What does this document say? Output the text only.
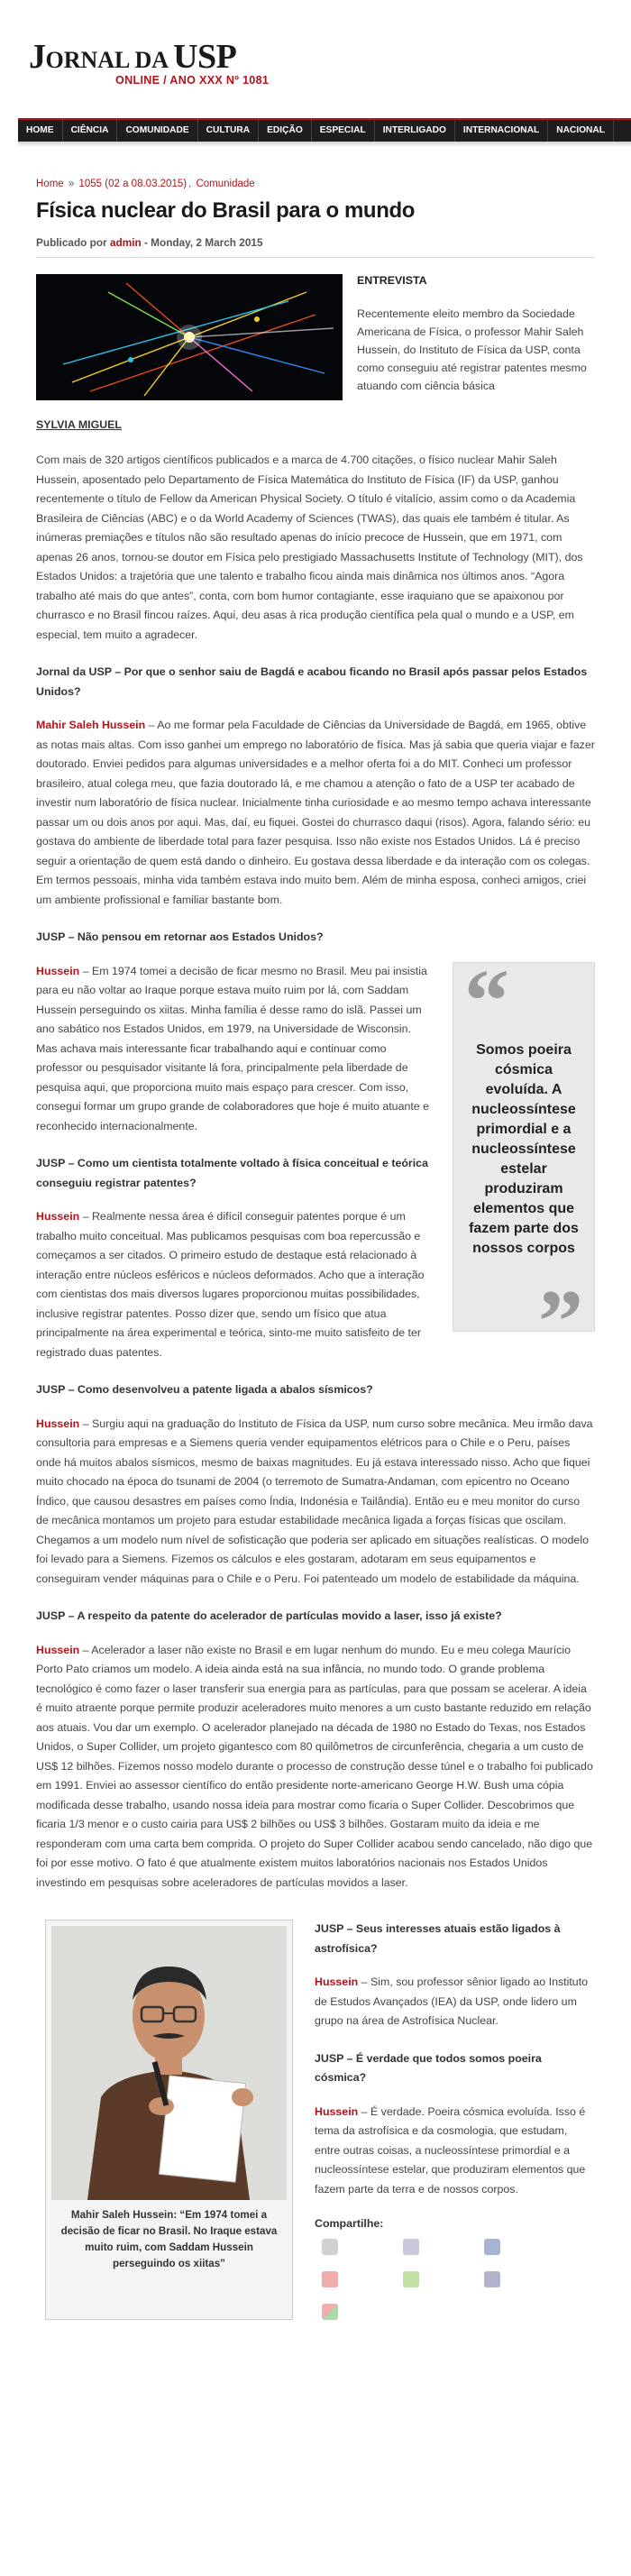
JORNAL DA USP
ONLINE / ANO XXX Nº 1081
HOME	CIÊNCIA	COMUNIDADE	CULTURA	EDIÇÃO	ESPECIAL	INTERLIGADO	INTERNACIONAL	NACIONAL
Home » 1055 (02 a 08.03.2015) , Comunidade
Física nuclear do Brasil para o mundo
Publicado por admin - Monday, 2 March 2015
ENTREVISTA

Recentemente eleito membro da Sociedade Americana de Física, o professor Mahir Saleh Hussein, do Instituto de Física da USP, conta como conseguiu até registrar patentes mesmo atuando com ciência básica

SYLVIA MIGUEL

Com mais de 320 artigos científicos publicados e a marca de 4.700 citações, o físico nuclear Mahir Saleh Hussein, aposentado pelo Departamento de Física Matemática do Instituto de Física (IF) da USP, ganhou recentemente o título de Fellow da American Physical Society. O título é vitalício, assim como o da Academia Brasileira de Ciências (ABC) e o da World Academy of Sciences (TWAS), das quais ele também é titular. As inúmeras premiações e títulos não são resultado apenas do início precoce de Hussein, que em 1971, com apenas 26 anos, tornou-se doutor em Física pelo prestigiado Massachusetts Institute of Technology (MIT), dos Estados Unidos: a trajetória que une talento e trabalho ficou ainda mais dinâmica nos últimos anos. “Agora trabalho até mais do que antes”, conta, com bom humor contagiante, esse iraquiano que se apaixonou por churrasco e no Brasil fincou raízes. Aqui, deu asas à rica produção científica pela qual o mundo e a USP, em especial, tem muito a agradecer.

Jornal da USP – Por que o senhor saiu de Bagdá e acabou ficando no Brasil após passar pelos Estados Unidos?

Mahir Saleh Hussein – Ao me formar pela Faculdade de Ciências da Universidade de Bagdá, em 1965, obtive as notas mais altas. Com isso ganhei um emprego no laboratório de física. Mas já sabia que queria viajar e fazer doutorado. Enviei pedidos para algumas universidades e a melhor oferta foi a do MIT. Conheci um professor brasileiro, atual colega meu, que fazia doutorado lá, e me chamou a atenção o fato de a USP ter acabado de investir num laboratório de física nuclear. Inicialmente tinha curiosidade e ao mesmo tempo achava interessante passar um ou dois anos por aqui. Mas, daí, eu fiquei. Gostei do churrasco daqui (risos). Agora, falando sério: eu gostava do ambiente de liberdade total para fazer pesquisa. Isso não existe nos Estados Unidos. Lá é preciso seguir a orientação de quem está dando o dinheiro. Eu gostava dessa liberdade e da interação com os colegas. Em termos pessoais, minha vida também estava indo muito bem. Além de minha esposa, conheci amigos, criei um ambiente profissional e familiar bastante bom.

JUSP – Não pensou em retornar aos Estados Unidos?

Hussein – Em 1974 tomei a decisão de ficar mesmo no Brasil. Meu pai insistia para eu não voltar ao Iraque porque estava muito ruim por lá, com Saddam Hussein perseguindo os xiitas. Minha família é desse ramo do islã. Passei um ano sabático nos Estados Unidos, em 1979, na Universidade de Wisconsin. Mas achava mais interessante ficar trabalhando aqui e continuar como professor ou pesquisador visitante lá fora, principalmente pela liberdade de pesquisa aqui, que proporciona muito mais espaço para crescer. Com isso, consegui formar um grupo grande de colaboradores que hoje é muito atuante e reconhecido internacionalmente.

JUSP – Como um cientista totalmente voltado à física conceitual e teórica conseguiu registrar patentes?

Hussein – Realmente nessa área é difícil conseguir patentes porque é um trabalho muito conceitual. Mas publicamos pesquisas com boa repercussão e começamos a ser citados. O primeiro estudo de destaque está relacionado à interação entre núcleos esféricos e núcleos deformados. Acho que a interação com cientistas dos mais diversos lugares proporcionou muitas possibilidades, inclusive registrar patentes. Posso dizer que, sendo um físico que atua principalmente na área experimental e teórica, sinto-me muito satisfeito de ter registrado duas patentes.

“
Somos poeira cósmica evoluída. A nucleossíntese primordial e a nucleossíntese estelar produziram elementos que fazem parte dos nossos corpos
”

JUSP – Como desenvolveu a patente ligada a abalos sísmicos?

Hussein – Surgiu aqui na graduação do Instituto de Física da USP, num curso sobre mecânica. Meu irmão dava consultoria para empresas e a Siemens queria vender equipamentos elétricos para o Chile e o Peru, países onde há muitos abalos sísmicos, mesmo de baixas magnitudes. Eu já estava interessado nisso. Acho que fiquei muito chocado na época do tsunami de 2004 (o terremoto de Sumatra-Andaman, com epicentro no Oceano Índico, que causou desastres em países como Índia, Indonésia e Tailândia). Então eu e meu monitor do curso de mecânica montamos um projeto para estudar estabilidade mecânica ligada a forças físicas que oscilam. Chegamos a um modelo num nível de sofisticação que poderia ser aplicado em situações realísticas. O modelo foi levado para a Siemens. Fizemos os cálculos e eles gostaram, adotaram em seus equipamentos e conseguiram vender máquinas para o Chile e o Peru. Foi patenteado um modelo de estabilidade da máquina.

JUSP – A respeito da patente do acelerador de partículas movido a laser, isso já existe?

Hussein – Acelerador a laser não existe no Brasil e em lugar nenhum do mundo. Eu e meu colega Maurício Porto Pato criamos um modelo. A ideia ainda está na sua infância, no mundo todo. O grande problema tecnológico é como fazer o laser transferir sua energia para as partículas, para que possam se acelerar. A ideia é muito atraente porque permite produzir aceleradores muito menores a um custo bastante reduzido em relação aos atuais. Vou dar um exemplo. O acelerador planejado na década de 1980 no Estado do Texas, nos Estados Unidos, o Super Collider, um projeto gigantesco com 80 quilômetros de circunferência, chegaria a um custo de US$ 12 bilhões. Fizemos nosso modelo durante o processo de construção desse túnel e o trabalho foi publicado em 1991. Enviei ao assessor científico do então presidente norte-americano George H.W. Bush uma cópia modificada desse trabalho, usando nossa ideia para mostrar como ficaria o Super Collider. Descobrimos que ficaria 1/3 menor e o custo cairia para US$ 2 bilhões ou US$ 3 bilhões. Gostaram muito da ideia e me responderam com uma carta bem comprida. O projeto do Super Collider acabou sendo cancelado, não digo que foi por esse motivo. O fato é que atualmente existem muitos laboratórios nacionais nos Estados Unidos investindo em pesquisas sobre aceleradores de partículas movidos a laser.

Mahir Saleh Hussein: “Em 1974 tomei a decisão de ficar no Brasil. No Iraque estava muito ruim, com Saddam Hussein perseguindo os xiitas”

JUSP – Seus interesses atuais estão ligados à astrofísica?

Hussein – Sim, sou professor sênior ligado ao Instituto de Estudos Avançados (IEA) da USP, onde lidero um grupo na área de Astrofísica Nuclear.

JUSP – É verdade que todos somos poeira cósmica?

Hussein – É verdade. Poeira cósmica evoluída. Isso é tema da astrofísica e da cosmologia, que estudam, entre outras coisas, a nucleossíntese primordial e a nucleossíntese estelar, que produziram elementos que fazem parte da terra e de nossos corpos.

Compartilhe:
